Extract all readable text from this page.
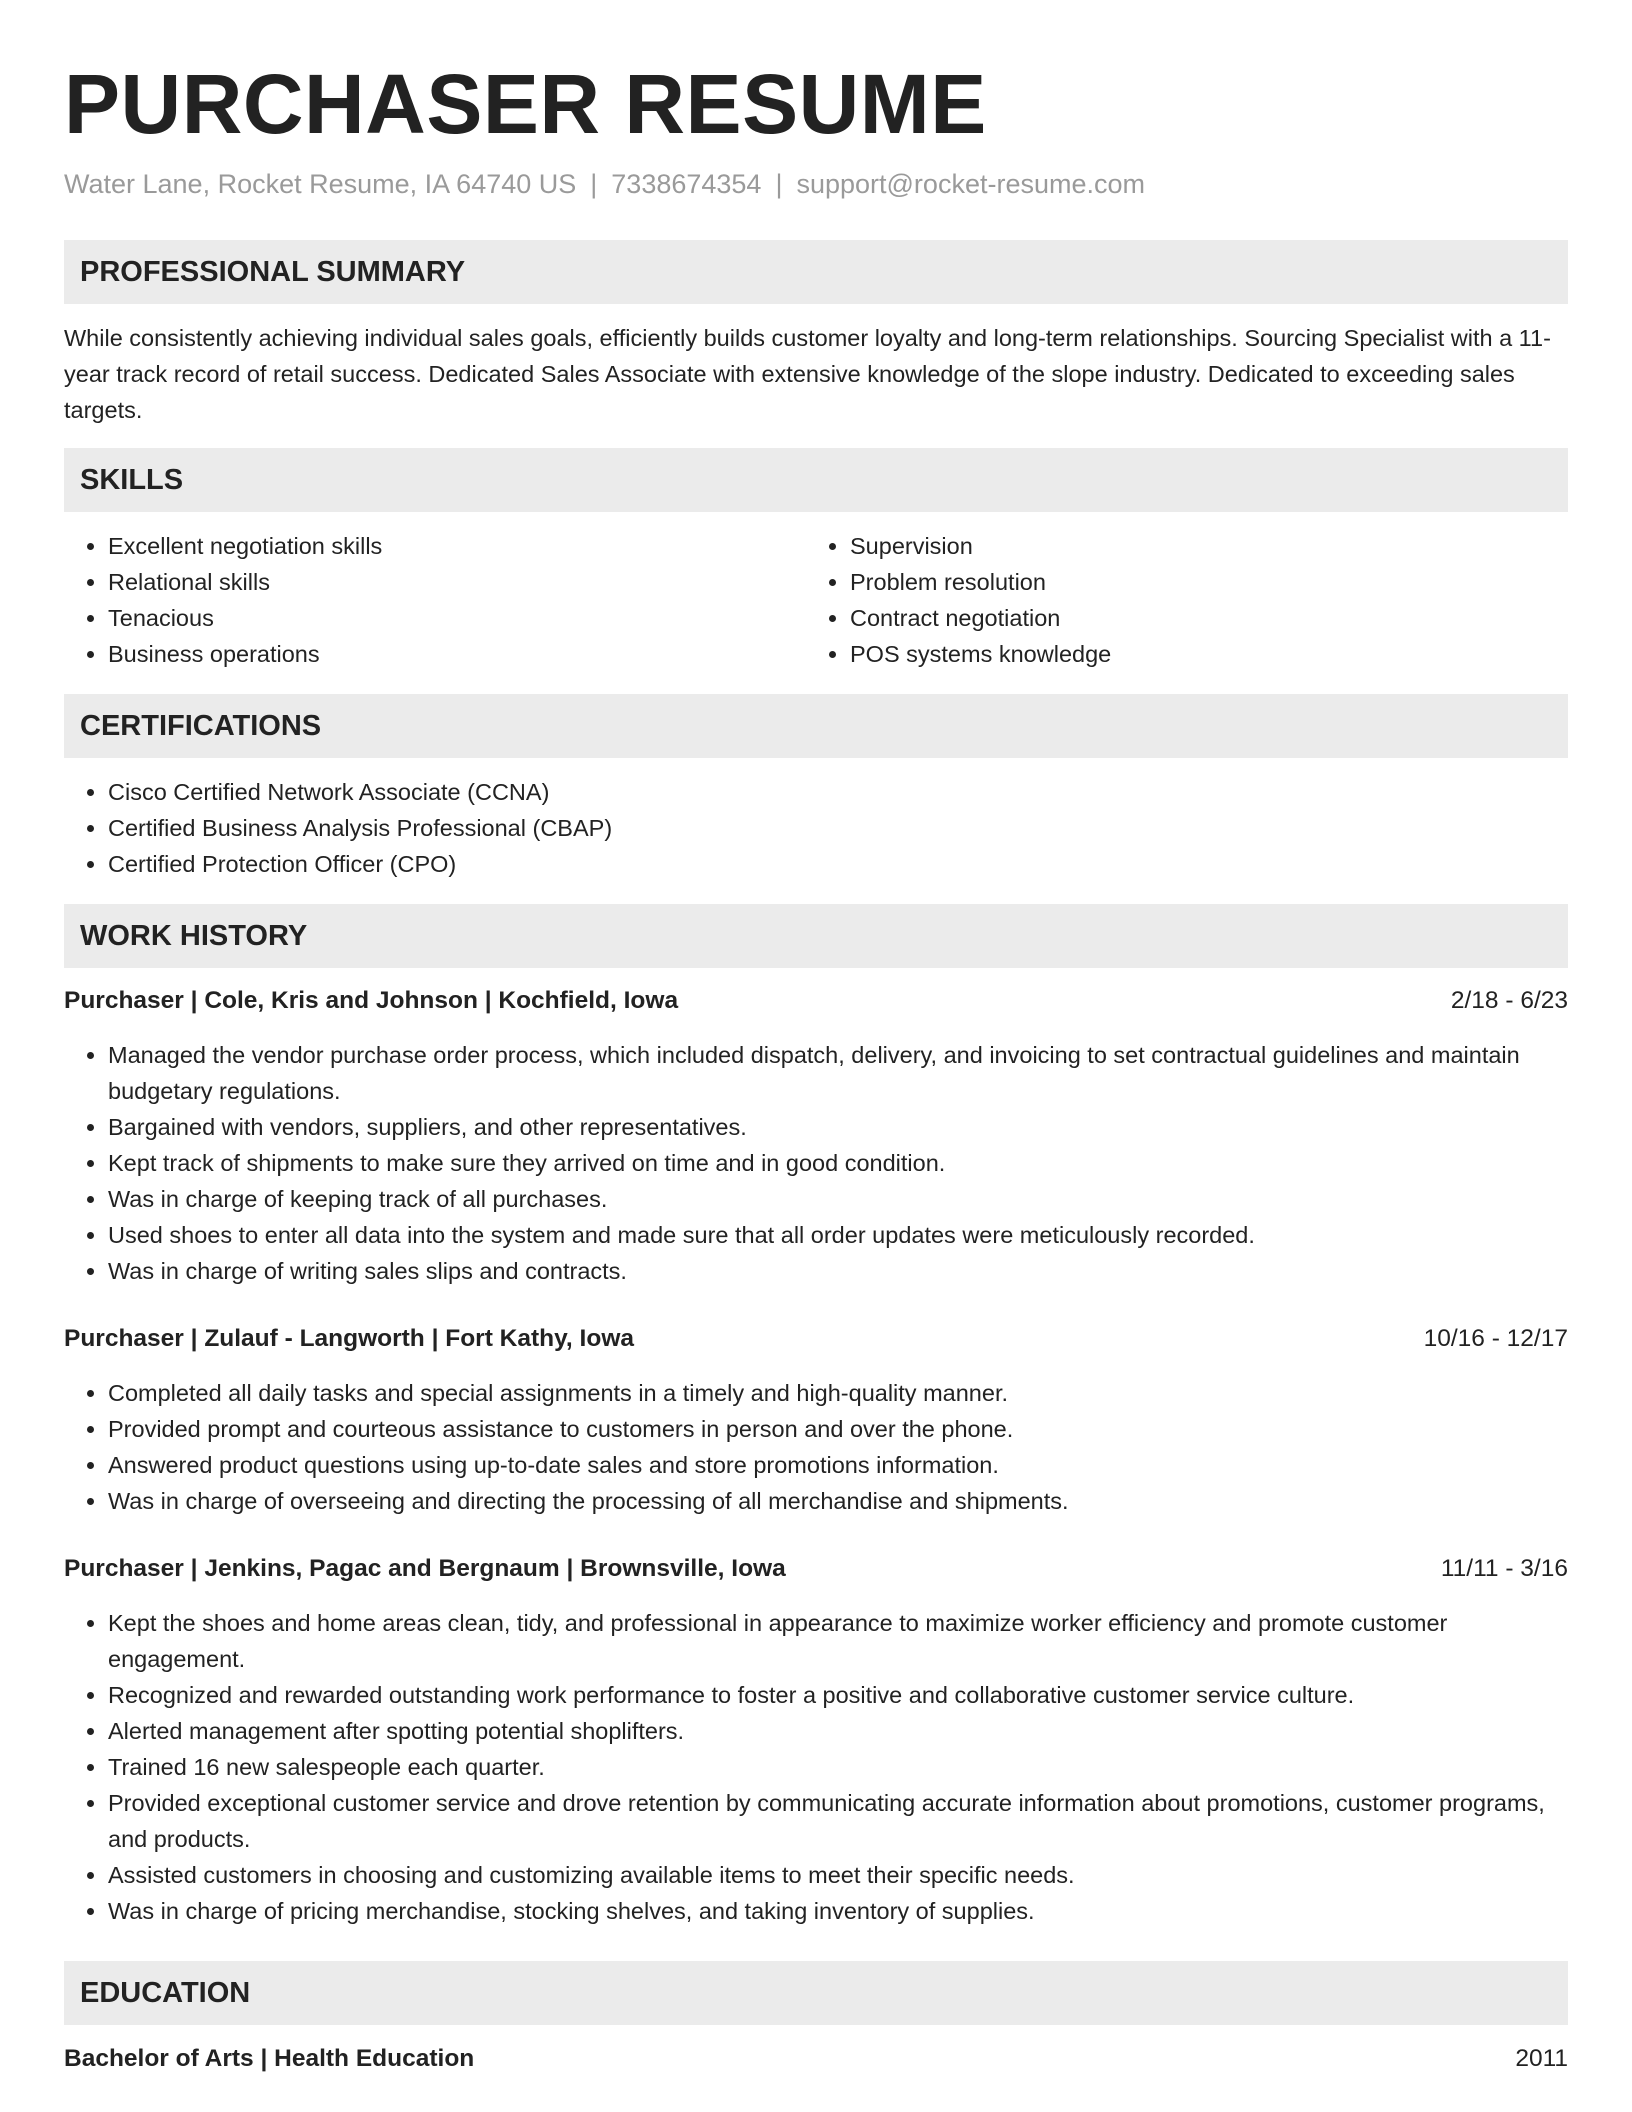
PURCHASER RESUME
Water Lane, Rocket Resume, IA 64740 US | 7338674354 | support@rocket-resume.com
PROFESSIONAL SUMMARY

While consistently achieving individual sales goals, efficiently builds customer loyalty and long-term relationships. Sourcing Specialist with a 11-year track record of retail success. Dedicated Sales Associate with extensive knowledge of the slope industry. Dedicated to exceeding sales targets.

SKILLS
• Excellent negotiation skills
• Relational skills
• Tenacious
• Business operations
• Supervision
• Problem resolution
• Contract negotiation
• POS systems knowledge
CERTIFICATIONS
• Cisco Certified Network Associate (CCNA)
• Certified Business Analysis Professional (CBAP)
• Certified Protection Officer (CPO)
WORK HISTORY
Purchaser | Cole, Kris and Johnson | Kochfield, Iowa	2/18 - 6/23
• Managed the vendor purchase order process, which included dispatch, delivery, and invoicing to set contractual guidelines and maintain budgetary regulations.
• Bargained with vendors, suppliers, and other representatives.
• Kept track of shipments to make sure they arrived on time and in good condition.
• Was in charge of keeping track of all purchases.
• Used shoes to enter all data into the system and made sure that all order updates were meticulously recorded.
• Was in charge of writing sales slips and contracts.
Purchaser | Zulauf - Langworth | Fort Kathy, Iowa	10/16 - 12/17
• Completed all daily tasks and special assignments in a timely and high-quality manner.
• Provided prompt and courteous assistance to customers in person and over the phone.
• Answered product questions using up-to-date sales and store promotions information.
• Was in charge of overseeing and directing the processing of all merchandise and shipments.
Purchaser | Jenkins, Pagac and Bergnaum | Brownsville, Iowa	11/11 - 3/16
• Kept the shoes and home areas clean, tidy, and professional in appearance to maximize worker efficiency and promote customer engagement.
• Recognized and rewarded outstanding work performance to foster a positive and collaborative customer service culture.
• Alerted management after spotting potential shoplifters.
• Trained 16 new salespeople each quarter.
• Provided exceptional customer service and drove retention by communicating accurate information about promotions, customer programs, and products.
• Assisted customers in choosing and customizing available items to meet their specific needs.
• Was in charge of pricing merchandise, stocking shelves, and taking inventory of supplies.
EDUCATION
Bachelor of Arts | Health Education	2011
